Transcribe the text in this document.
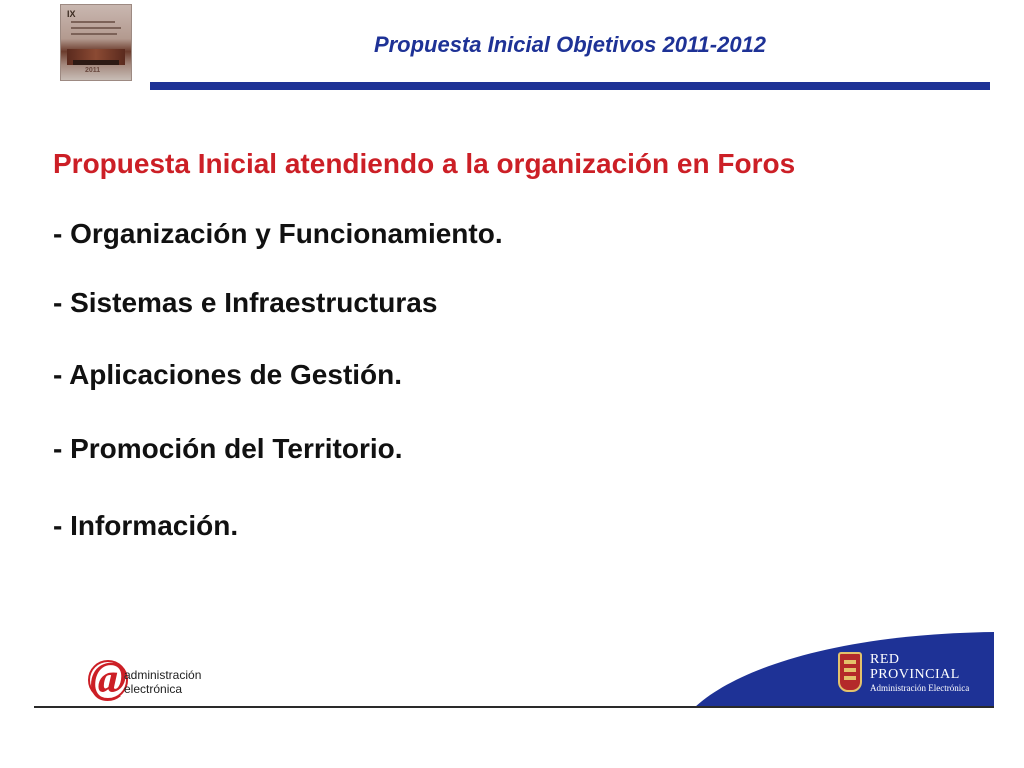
IX
2011
Propuesta Inicial Objetivos 2011-2012
Propuesta Inicial atendiendo a la organización en Foros
- Organización y Funcionamiento.
- Sistemas e Infraestructuras
- Aplicaciones de Gestión.
- Promoción del Territorio.
- Información.
@
administración
electrónica
RED
PROVINCIAL
Administración Electrónica
